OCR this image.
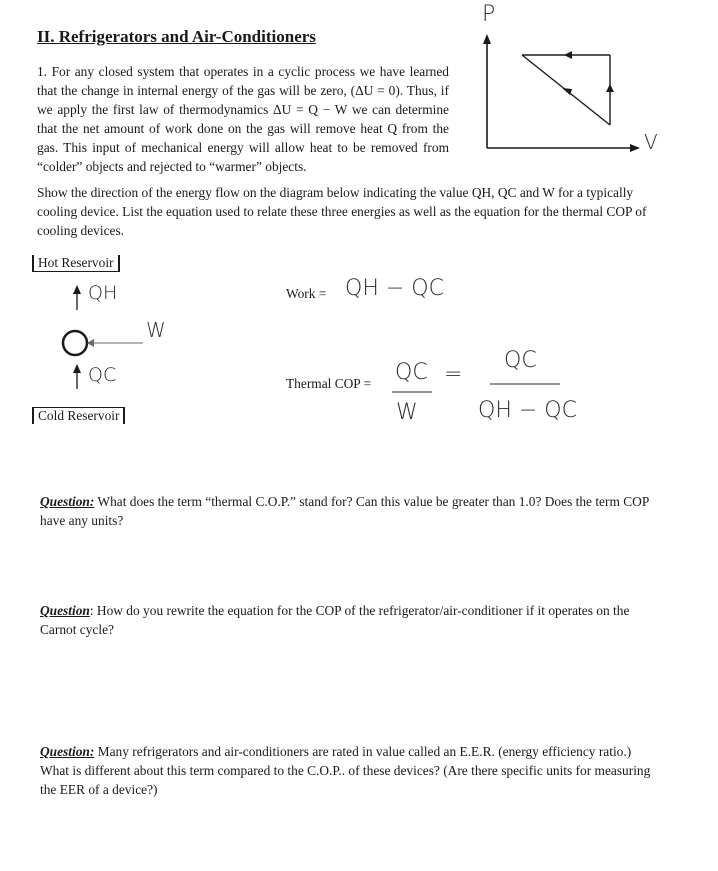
II. Refrigerators and Air-Conditioners
1. For any closed system that operates in a cyclic process we have learned that the change in internal energy of the gas will be zero, (ΔU = 0). Thus, if we apply the first law of thermodynamics ΔU = Q − W we can determine that the net amount of work done on the gas will remove heat Q from the gas. This input of mechanical energy will allow heat to be removed from “colder” objects and rejected to “warmer” objects.
P
V
Show the direction of the energy flow on the diagram below indicating the value QH, QC and W for a typically cooling device. List the equation used to relate these three energies as well as the equation for the thermal COP of cooling devices.
Hot Reservoir
QH
W
QC
Cold Reservoir
Work = QH − QC
Thermal COP = QC
W
=
QC
QH − QC
Question: What does the term “thermal C.O.P.” stand for? Can this value be greater than 1.0? Does the term COP have any units?
Question: How do you rewrite the equation for the COP of the refrigerator/air-conditioner if it operates on the Carnot cycle?
Question: Many refrigerators and air-conditioners are rated in value called an E.E.R. (energy efficiency ratio.) What is different about this term compared to the C.O.P.. of these devices? (Are there specific units for measuring the EER of a device?)
